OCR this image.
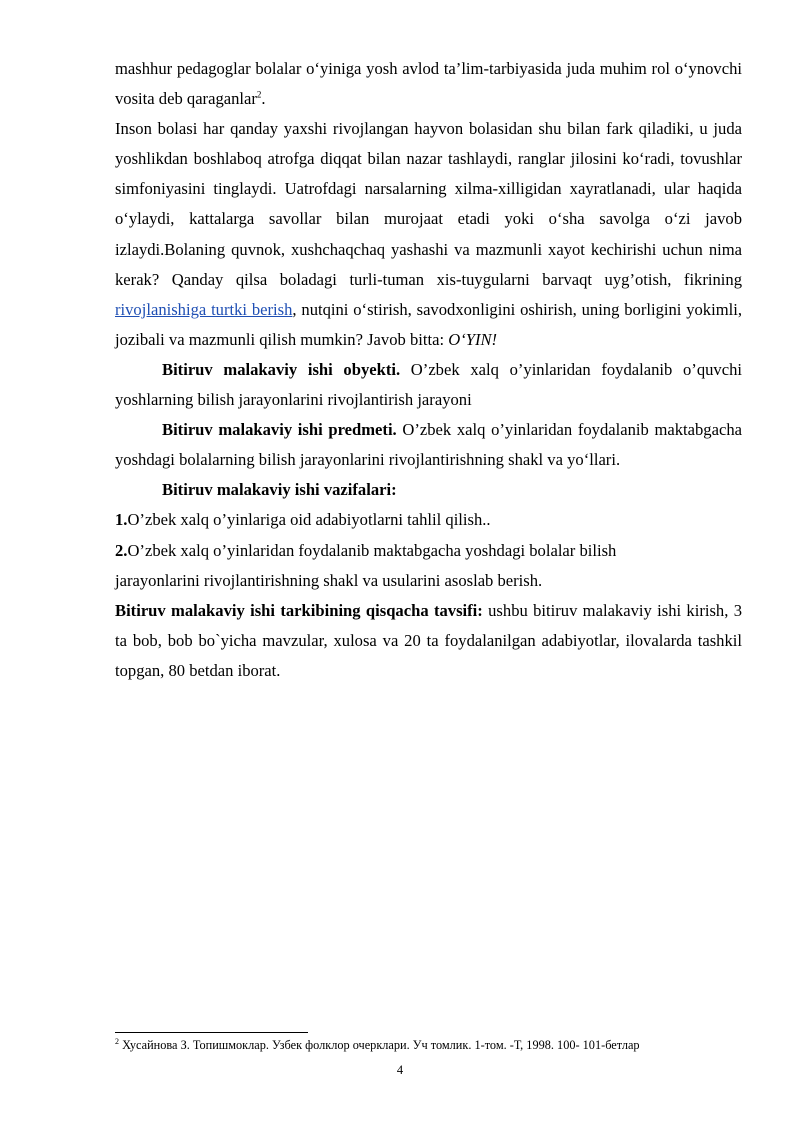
mashhur pedagoglar bolalar o‘yiniga yosh avlod ta’lim-tarbiyasida juda muhim rol o‘ynovchi vosita deb qaraganlar$^2$.

Inson bolasi har qanday yaxshi rivojlangan hayvon bolasidan shu bilan fark qiladiki, u juda yoshlikdan boshlaboq atrofga diqqat bilan nazar tashlaydi, ranglar jilosini ko‘radi, tovushlar simfoniyasini tinglaydi. Uatrofdagi narsalarning xilma-xilligidan xayratlanadi, ular haqida o‘ylaydi, kattalarga savollar bilan murojaat etadi yoki o‘sha savolga o‘zi javob izlaydi.Bolaning quvnok, xushchaqchaq yashashi va mazmunli xayot kechirishi uchun nima kerak? Qanday qilsa boladagi turli-tuman xis-tuygularni barvaqt uyg’otish, fikrining rivojlanishiga turtki berish, nutqini o‘stirish, savodxonligini oshirish, uning borligini yokimli, jozibali va mazmunli qilish mumkin? Javob bitta: O‘YIN!

Bitiruv malakaviy ishi obyekti. O’zbek xalq o’yinlaridan foydalanib o’quvchi yoshlarning bilish jarayonlarini rivojlantirish jarayoni

Bitiruv malakaviy ishi predmeti. O’zbek xalq o’yinlaridan foydalanib maktabgacha yoshdagi bolalarning bilish jarayonlarini rivojlantirishning shakl va yo‘llari.

Bitiruv malakaviy ishi vazifalari:

1.O’zbek xalq o’yinlariga oid adabiyotlarni tahlil qilish..

2.O’zbek xalq o’yinlaridan foydalanib maktabgacha yoshdagi bolalar bilish jarayonlarini rivojlantirishning shakl va usularini asoslab berish.

Bitiruv malakaviy ishi tarkibining qisqacha tavsifi: ushbu bitiruv malakaviy ishi kirish, 3 ta bob, bob bo`yicha mavzular, xulosa va 20 ta foydalanilgan adabiyotlar, ilovalarda tashkil topgan, 80 betdan iborat.

$^2$ Хусайнова З. Топишмоклар. Узбек фолклор очерклари. Уч томлик. 1-том. -Т, 1998. 100- 101-бетлар
4
